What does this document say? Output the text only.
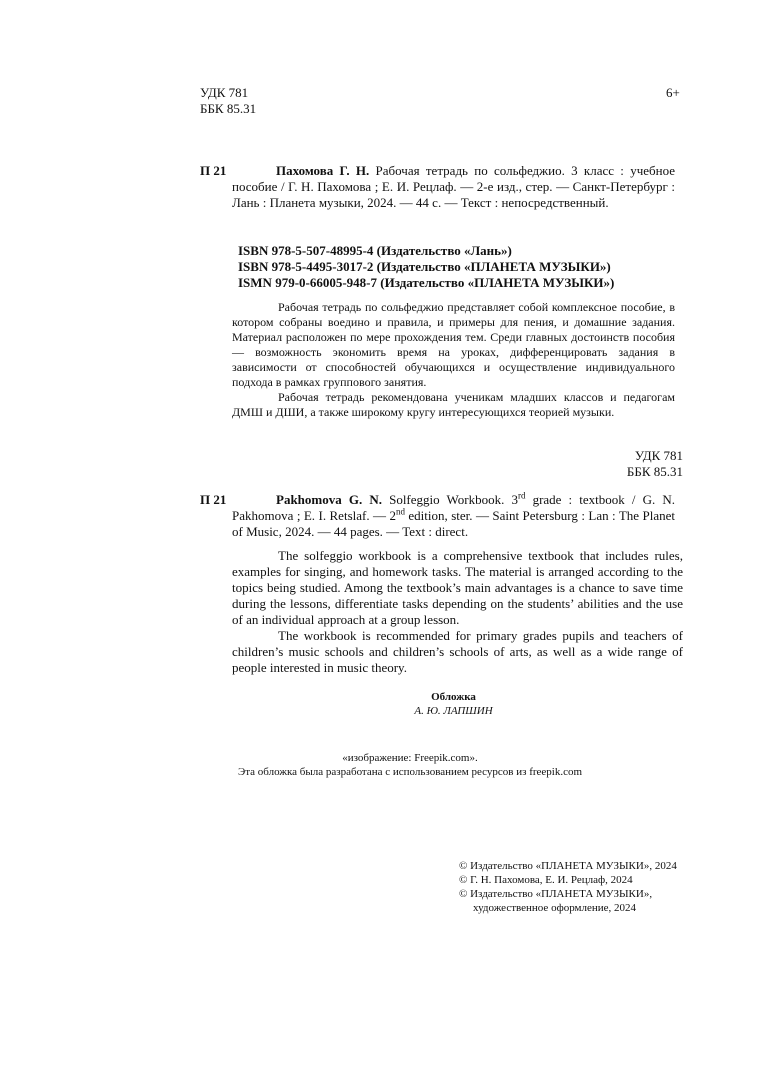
УДК 781
ББК 85.31
6+
П 21	Пахомова Г. Н. Рабочая тетрадь по сольфеджио. 3 класс : учебное пособие / Г. Н. Пахомова ; Е. И. Рецлаф. — 2-е изд., стер. — Санкт-Петербург : Лань : Планета музыки, 2024. — 44 с. — Текст : непосредственный.

ISBN 978-5-507-48995-4 (Издательство «Лань»)
ISBN 978-5-4495-3017-2 (Издательство «ПЛАНЕТА МУЗЫКИ»)
ISMN 979-0-66005-948-7 (Издательство «ПЛАНЕТА МУЗЫКИ»)

Рабочая тетрадь по сольфеджио представляет собой комплексное пособие, в котором собраны воедино и правила, и примеры для пения, и домашние задания. Материал расположен по мере прохождения тем. Среди главных достоинств пособия — возможность экономить время на уроках, дифференцировать задания в зависимости от способностей обучающихся и осуществление индивидуального подхода в рамках группового занятия.

Рабочая тетрадь рекомендована ученикам младших классов и педагогам ДМШ и ДШИ, а также широкому кругу интересующихся теорией музыки.

УДК 781
ББК 85.31
П 21	Pakhomova G. N. Solfeggio Workbook. 3rd grade : textbook / G. N. Pakhomova ; E. I. Retslaf. — 2nd edition, ster. — Saint Petersburg : Lan : The Planet of Music, 2024. — 44 pages. — Text : direct.

The solfeggio workbook is a comprehensive textbook that includes rules, examples for singing, and homework tasks. The material is arranged according to the topics being studied. Among the textbook’s main advantages is a chance to save time during the lessons, differentiate tasks depending on the students’ abilities and the use of an individual approach at a group lesson.

The workbook is recommended for primary grades pupils and teachers of children’s music schools and children’s schools of arts, as well as a wide range of people interested in music theory.

Обложка
А. Ю. ЛАПШИН
«изображение: Freepik.com».
Эта обложка была разработана с использованием ресурсов из freepik.com
© Издательство «ПЛАНЕТА МУЗЫКИ», 2024
© Г. Н. Пахомова, Е. И. Рецлаф, 2024
© Издательство «ПЛАНЕТА МУЗЫКИ»,
художественное оформление, 2024
